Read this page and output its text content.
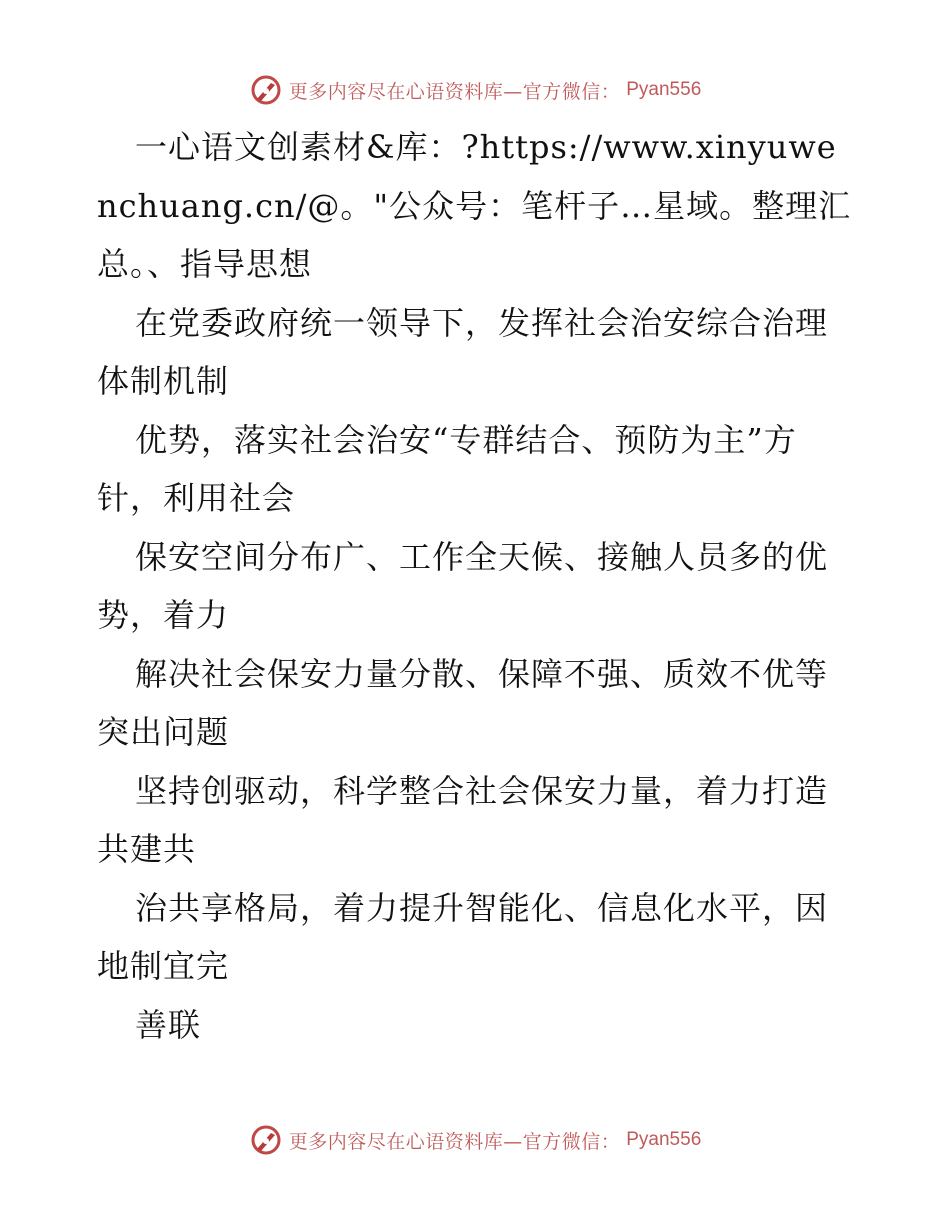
更多内容尽在心语资料库—官方微信： Pyan556

一心语文创素材&库：?https://www.xinyuwenchuang.cn/@。"公众号：笔杆子…星域。整理汇总。、指导思想

在党委政府统一领导下，发挥社会治安综合治理体制机制

优势，落实社会治安“专群结合、预防为主”方针，利用社会

保安空间分布广、工作全天候、接触人员多的优势，着力

解决社会保安力量分散、保障不强、质效不优等突出问题

坚持创驱动，科学整合社会保安力量，着力打造共建共

治共享格局，着力提升智能化、信息化水平，因地制宜完

善联

更多内容尽在心语资料库—官方微信： Pyan556
